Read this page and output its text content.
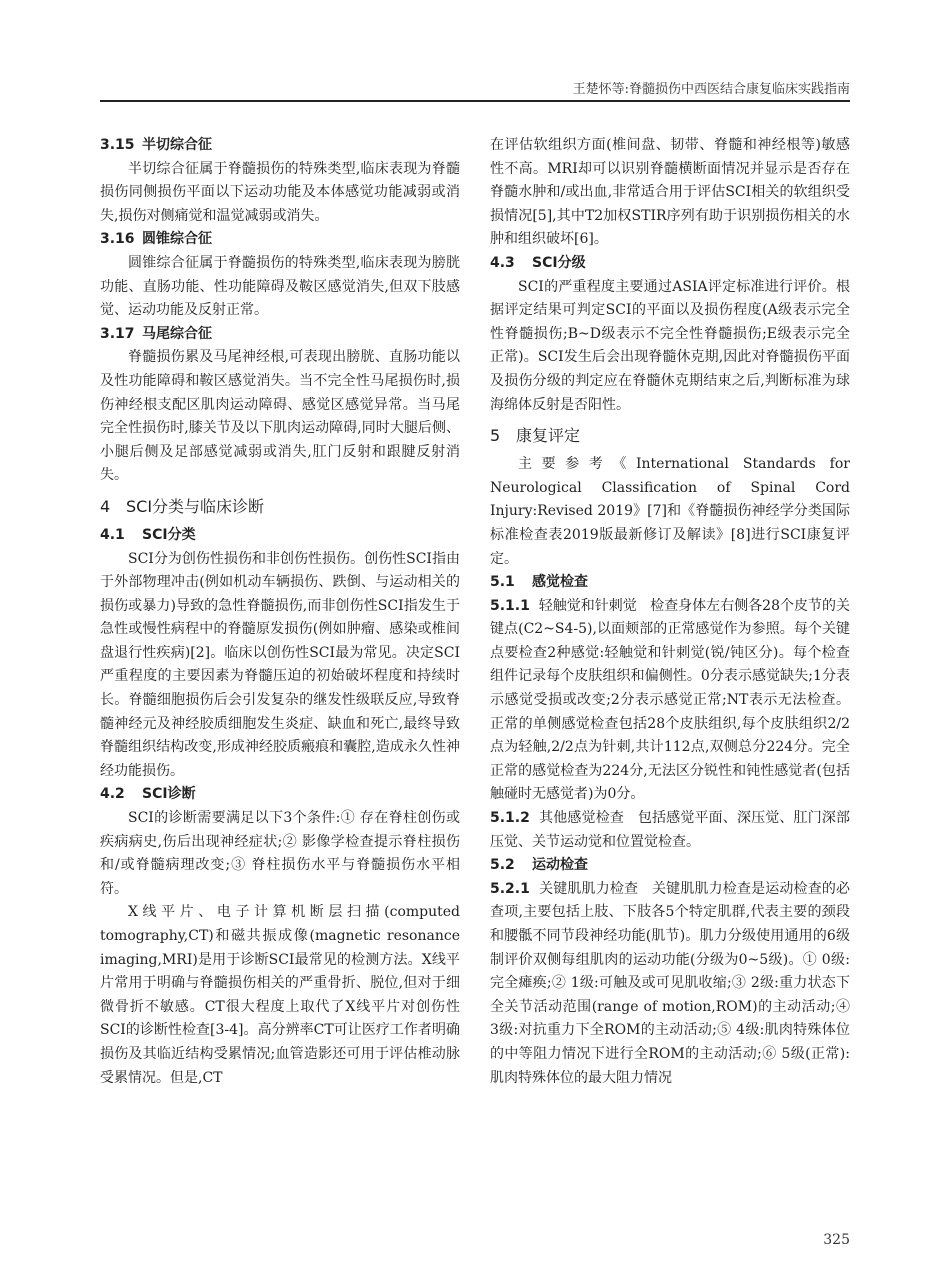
王楚怀等:脊髓损伤中西医结合康复临床实践指南
3.15 半切综合征

半切综合征属于脊髓损伤的特殊类型,临床表现为脊髓损伤同侧损伤平面以下运动功能及本体感觉功能减弱或消失,损伤对侧痛觉和温觉减弱或消失。

3.16 圆锥综合征

圆锥综合征属于脊髓损伤的特殊类型,临床表现为膀胱功能、直肠功能、性功能障碍及鞍区感觉消失,但双下肢感觉、运动功能及反射正常。

3.17 马尾综合征

脊髓损伤累及马尾神经根,可表现出膀胱、直肠功能以及性功能障碍和鞍区感觉消失。当不完全性马尾损伤时,损伤神经根支配区肌肉运动障碍、感觉区感觉异常。当马尾完全性损伤时,膝关节及以下肌肉运动障碍,同时大腿后侧、小腿后侧及足部感觉减弱或消失,肛门反射和跟腱反射消失。

4 SCI分类与临床诊断
4.1 SCI分类

SCI分为创伤性损伤和非创伤性损伤。创伤性SCI指由于外部物理冲击(例如机动车辆损伤、跌倒、与运动相关的损伤或暴力)导致的急性脊髓损伤,而非创伤性SCI指发生于急性或慢性病程中的脊髓原发损伤(例如肿瘤、感染或椎间盘退行性疾病)[2]。临床以创伤性SCI最为常见。决定SCI严重程度的主要因素为脊髓压迫的初始破坏程度和持续时长。脊髓细胞损伤后会引发复杂的继发性级联反应,导致脊髓神经元及神经胶质细胞发生炎症、缺血和死亡,最终导致脊髓组织结构改变,形成神经胶质瘢痕和囊腔,造成永久性神经功能损伤。

4.2 SCI诊断

SCI的诊断需要满足以下3个条件:① 存在脊柱创伤或疾病病史,伤后出现神经症状;② 影像学检查提示脊柱损伤和/或脊髓病理改变;③ 脊柱损伤水平与脊髓损伤水平相符。

X线平片、电子计算机断层扫描(computed tomography,CT)和磁共振成像(magnetic resonance imaging,MRI)是用于诊断SCI最常见的检测方法。X线平片常用于明确与脊髓损伤相关的严重骨折、脱位,但对于细微骨折不敏感。CT很大程度上取代了X线平片对创伤性SCI的诊断性检查[3-4]。高分辨率CT可让医疗工作者明确损伤及其临近结构受累情况;血管造影还可用于评估椎动脉受累情况。但是,CT

在评估软组织方面(椎间盘、韧带、脊髓和神经根等)敏感性不高。MRI却可以识别脊髓横断面情况并显示是否存在脊髓水肿和/或出血,非常适合用于评估SCI相关的软组织受损情况[5],其中T2加权STIR序列有助于识别损伤相关的水肿和组织破坏[6]。

4.3 SCI分级

SCI的严重程度主要通过ASIA评定标准进行评价。根据评定结果可判定SCI的平面以及损伤程度(A级表示完全性脊髓损伤;B~D级表示不完全性脊髓损伤;E级表示完全正常)。SCI发生后会出现脊髓休克期,因此对脊髓损伤平面及损伤分级的判定应在脊髓休克期结束之后,判断标准为球海绵体反射是否阳性。

5 康复评定

主要参考《International Standards for Neurological Classification of Spinal Cord Injury:Revised 2019》[7]和《脊髓损伤神经学分类国际标准检查表2019版最新修订及解读》[8]进行SCI康复评定。

5.1 感觉检查

5.1.1 轻触觉和针刺觉 检查身体左右侧各28个皮节的关键点(C2~S4-5),以面颊部的正常感觉作为参照。每个关键点要检查2种感觉:轻触觉和针刺觉(锐/钝区分)。每个检查组件记录每个皮肤组织和偏侧性。0分表示感觉缺失;1分表示感觉受损或改变;2分表示感觉正常;NT表示无法检查。正常的单侧感觉检查包括28个皮肤组织,每个皮肤组织2/2点为轻触,2/2点为针刺,共计112点,双侧总分224分。完全正常的感觉检查为224分,无法区分锐性和钝性感觉者(包括触碰时无感觉者)为0分。

5.1.2 其他感觉检查 包括感觉平面、深压觉、肛门深部压觉、关节运动觉和位置觉检查。

5.2 运动检查

5.2.1 关键肌肌力检查 关键肌肌力检查是运动检查的必查项,主要包括上肢、下肢各5个特定肌群,代表主要的颈段和腰骶不同节段神经功能(肌节)。肌力分级使用通用的6级制评价双侧每组肌肉的运动功能(分级为0~5级)。① 0级:完全瘫痪;② 1级:可触及或可见肌收缩;③ 2级:重力状态下全关节活动范围(range of motion,ROM)的主动活动;④ 3级:对抗重力下全ROM的主动活动;⑤ 4级:肌肉特殊体位的中等阻力情况下进行全ROM的主动活动;⑥ 5级(正常):肌肉特殊体位的最大阻力情况

325
